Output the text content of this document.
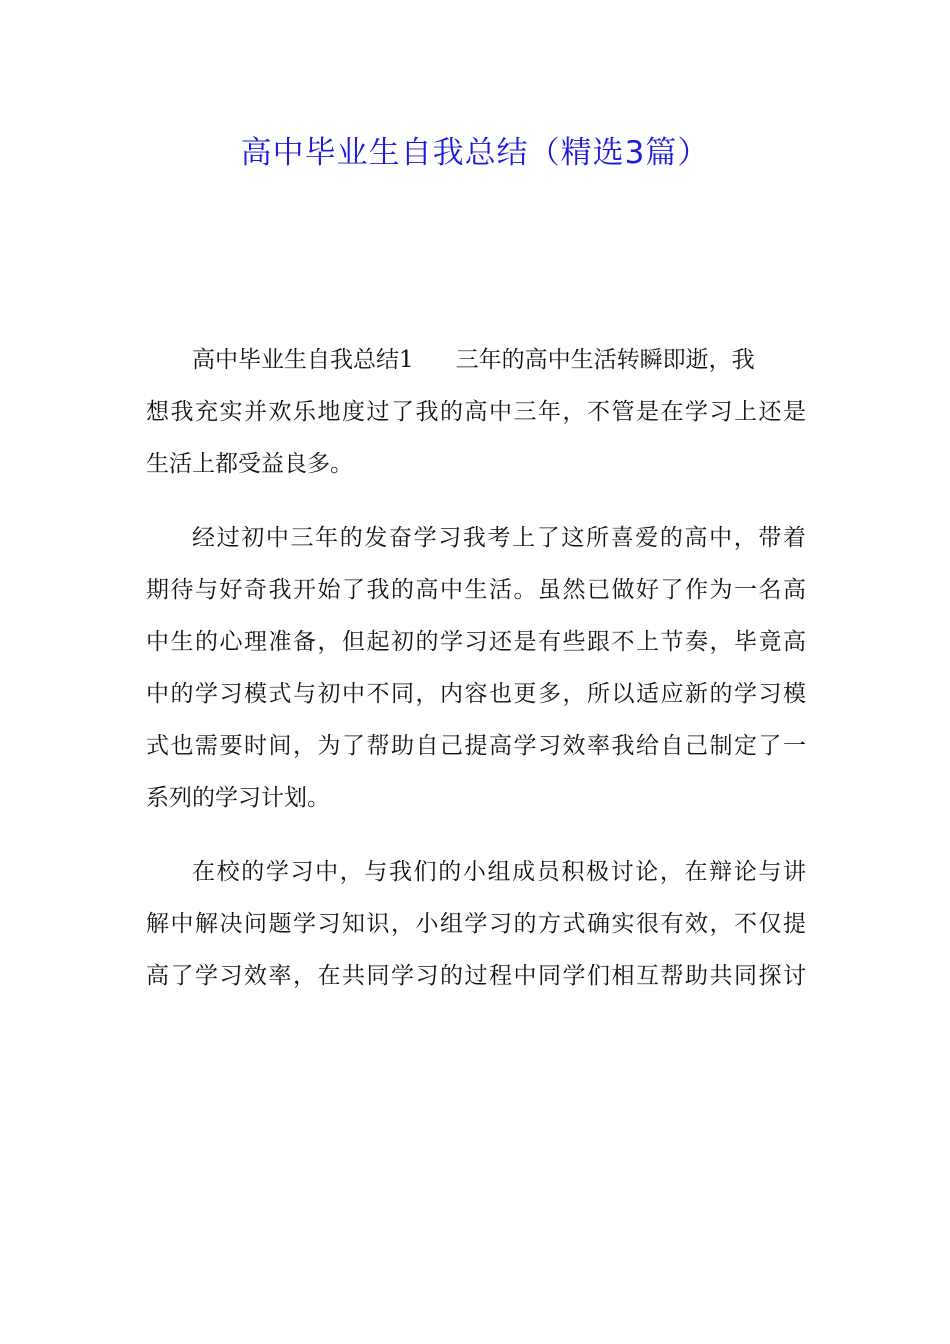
高中毕业生自我总结（精选3篇）
高中毕业生自我总结1 三年的高中生活转瞬即逝，我
想我充实并欢乐地度过了我的高中三年，不管是在学习上还是
生活上都受益良多。
经过初中三年的发奋学习我考上了这所喜爱的高中，带着
期待与好奇我开始了我的高中生活。虽然已做好了作为一名高
中生的心理准备，但起初的学习还是有些跟不上节奏，毕竟高
中的学习模式与初中不同，内容也更多，所以适应新的学习模
式也需要时间，为了帮助自己提高学习效率我给自己制定了一
系列的学习计划。
在校的学习中，与我们的小组成员积极讨论，在辩论与讲
解中解决问题学习知识，小组学习的方式确实很有效，不仅提
高了学习效率，在共同学习的过程中同学们相互帮助共同探讨
